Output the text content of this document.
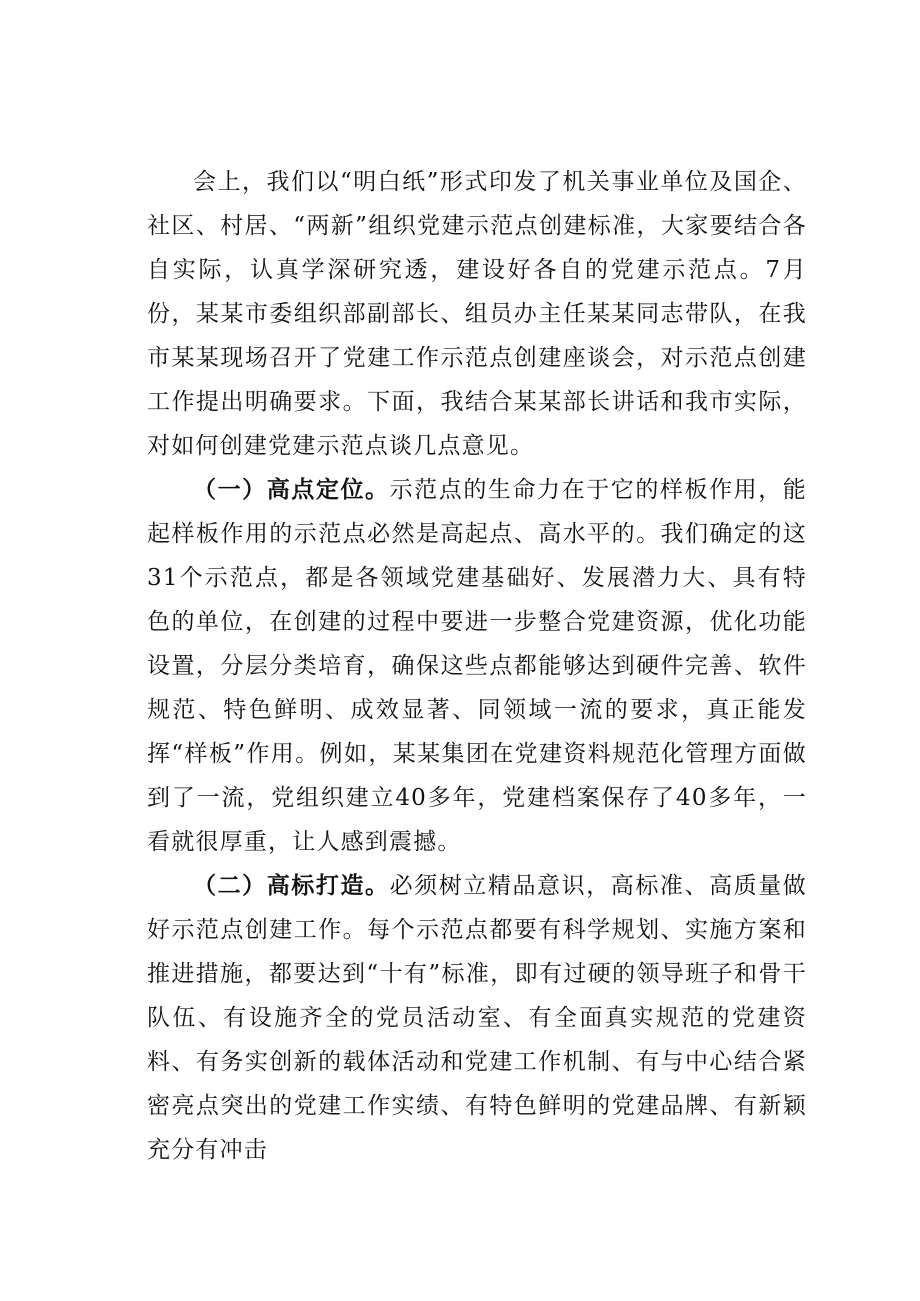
会上，我们以“明白纸”形式印发了机关事业单位及国企、社区、村居、“两新”组织党建示范点创建标准，大家要结合各自实际，认真学深研究透，建设好各自的党建示范点。7月份，某某市委组织部副部长、组员办主任某某同志带队，在我市某某现场召开了党建工作示范点创建座谈会，对示范点创建工作提出明确要求。下面，我结合某某部长讲话和我市实际，对如何创建党建示范点谈几点意见。

（一）高点定位。示范点的生命力在于它的样板作用，能起样板作用的示范点必然是高起点、高水平的。我们确定的这31个示范点，都是各领域党建基础好、发展潜力大、具有特色的单位，在创建的过程中要进一步整合党建资源，优化功能设置，分层分类培育，确保这些点都能够达到硬件完善、软件规范、特色鲜明、成效显著、同领域一流的要求，真正能发挥“样板”作用。例如，某某集团在党建资料规范化管理方面做到了一流，党组织建立40多年，党建档案保存了40多年，一看就很厚重，让人感到震撼。

（二）高标打造。必须树立精品意识，高标准、高质量做好示范点创建工作。每个示范点都要有科学规划、实施方案和推进措施，都要达到“十有”标准，即有过硬的领导班子和骨干队伍、有设施齐全的党员活动室、有全面真实规范的党建资料、有务实创新的载体活动和党建工作机制、有与中心结合紧密亮点突出的党建工作实绩、有特色鲜明的党建品牌、有新颖充分有冲击
